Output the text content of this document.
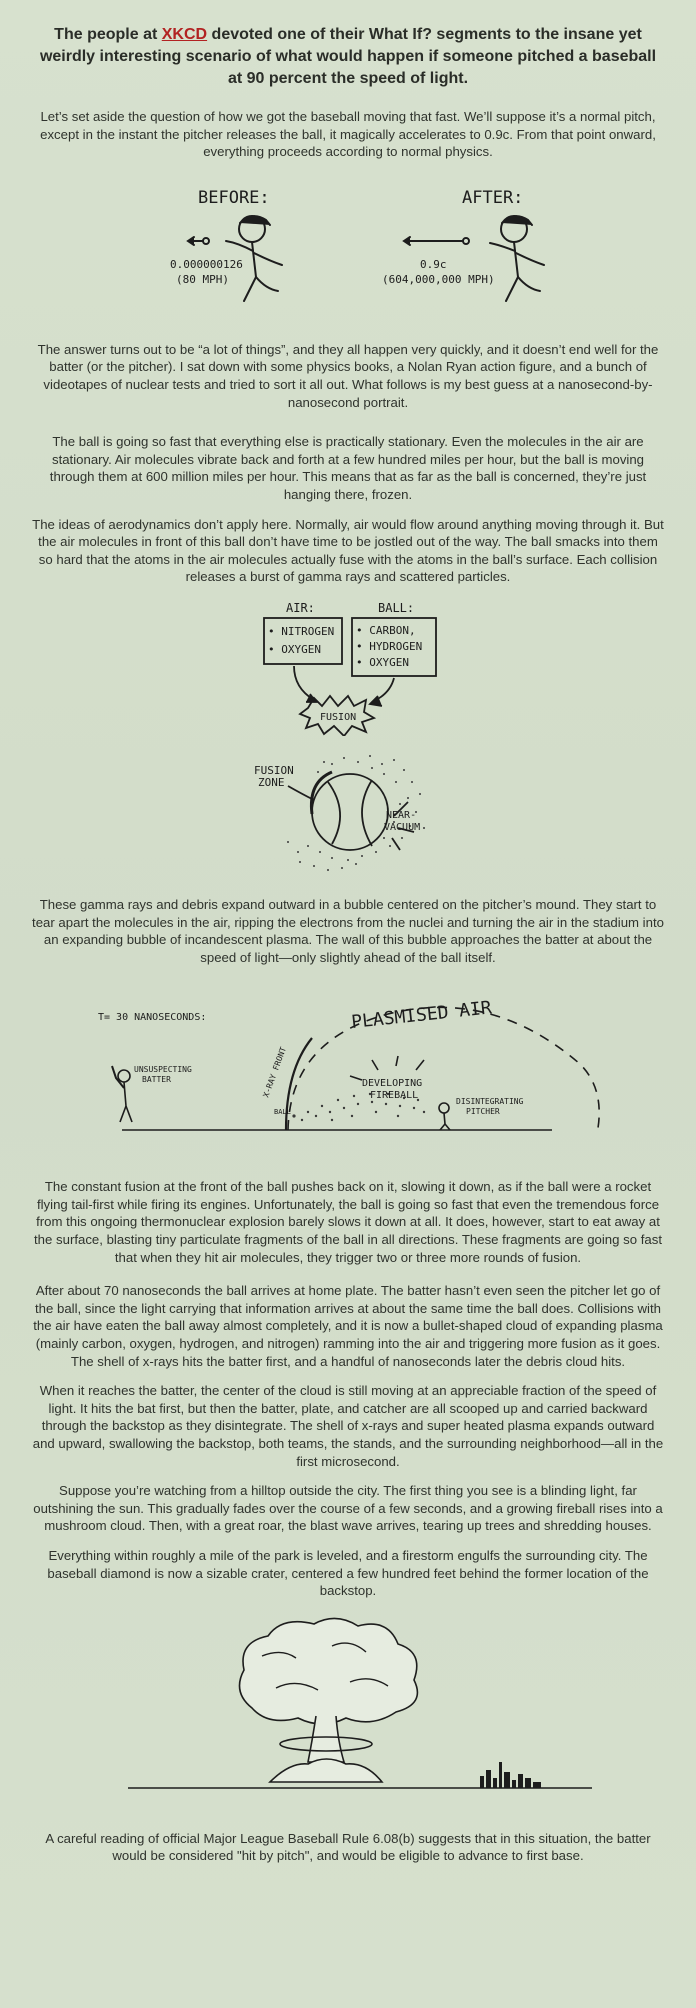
The people at XKCD devoted one of their What If? segments to the insane yet weirdly interesting scenario of what would happen if someone pitched a baseball at 90 percent the speed of light.

Let’s set aside the question of how we got the baseball moving that fast. We’ll suppose it’s a normal pitch, except in the instant the pitcher releases the ball, it magically accelerates to 0.9c. From that point onward, everything proceeds according to normal physics.

BEFORE:	AFTER:
0.000000126
(80 MPH)
0.9c
(604,000,000 MPH)

The answer turns out to be “a lot of things”, and they all happen very quickly, and it doesn’t end well for the batter (or the pitcher). I sat down with some physics books, a Nolan Ryan action figure, and a bunch of videotapes of nuclear tests and tried to sort it all out. What follows is my best guess at a nanosecond-by-nanosecond portrait.

The ball is going so fast that everything else is practically stationary. Even the molecules in the air are stationary. Air molecules vibrate back and forth at a few hundred miles per hour, but the ball is moving through them at 600 million miles per hour. This means that as far as the ball is concerned, they’re just hanging there, frozen.

The ideas of aerodynamics don’t apply here. Normally, air would flow around anything moving through it. But the air molecules in front of this ball don’t have time to be jostled out of the way. The ball smacks into them so hard that the atoms in the air molecules actually fuse with the atoms in the ball’s surface. Each collision releases a burst of gamma rays and scattered particles.

AIR:	BALL:
• NITROGEN
• OXYGEN
• CARBON,
• HYDROGEN
• OXYGEN
FUSION
FUSION
ZONE
NEAR-
VACUUM

These gamma rays and debris expand outward in a bubble centered on the pitcher’s mound. They start to tear apart the molecules in the air, ripping the electrons from the nuclei and turning the air in the stadium into an expanding bubble of incandescent plasma. The wall of this bubble approaches the batter at about the speed of light—only slightly ahead of the ball itself.

T= 30 NANOSECONDS:	PLASMISED AIR
X-RAY FRONT	DEVELOPING
FIREBALL
BALL
UNSUSPECTING
BATTER
DISINTEGRATING
PITCHER

The constant fusion at the front of the ball pushes back on it, slowing it down, as if the ball were a rocket flying tail-first while firing its engines. Unfortunately, the ball is going so fast that even the tremendous force from this ongoing thermonuclear explosion barely slows it down at all. It does, however, start to eat away at the surface, blasting tiny particulate fragments of the ball in all directions. These fragments are going so fast that when they hit air molecules, they trigger two or three more rounds of fusion.

After about 70 nanoseconds the ball arrives at home plate. The batter hasn’t even seen the pitcher let go of the ball, since the light carrying that information arrives at about the same time the ball does. Collisions with the air have eaten the ball away almost completely, and it is now a bullet-shaped cloud of expanding plasma (mainly carbon, oxygen, hydrogen, and nitrogen) ramming into the air and triggering more fusion as it goes. The shell of x-rays hits the batter first, and a handful of nanoseconds later the debris cloud hits.

When it reaches the batter, the center of the cloud is still moving at an appreciable fraction of the speed of light. It hits the bat first, but then the batter, plate, and catcher are all scooped up and carried backward through the backstop as they disintegrate. The shell of x-rays and super heated plasma expands outward and upward, swallowing the backstop, both teams, the stands, and the surrounding neighborhood—all in the first microsecond.

Suppose you’re watching from a hilltop outside the city. The first thing you see is a blinding light, far outshining the sun. This gradually fades over the course of a few seconds, and a growing fireball rises into a mushroom cloud. Then, with a great roar, the blast wave arrives, tearing up trees and shredding houses.

Everything within roughly a mile of the park is leveled, and a firestorm engulfs the surrounding city. The baseball diamond is now a sizable crater, centered a few hundred feet behind the former location of the backstop.

A careful reading of official Major League Baseball Rule 6.08(b) suggests that in this situation, the batter would be considered "hit by pitch", and would be eligible to advance to first base.
